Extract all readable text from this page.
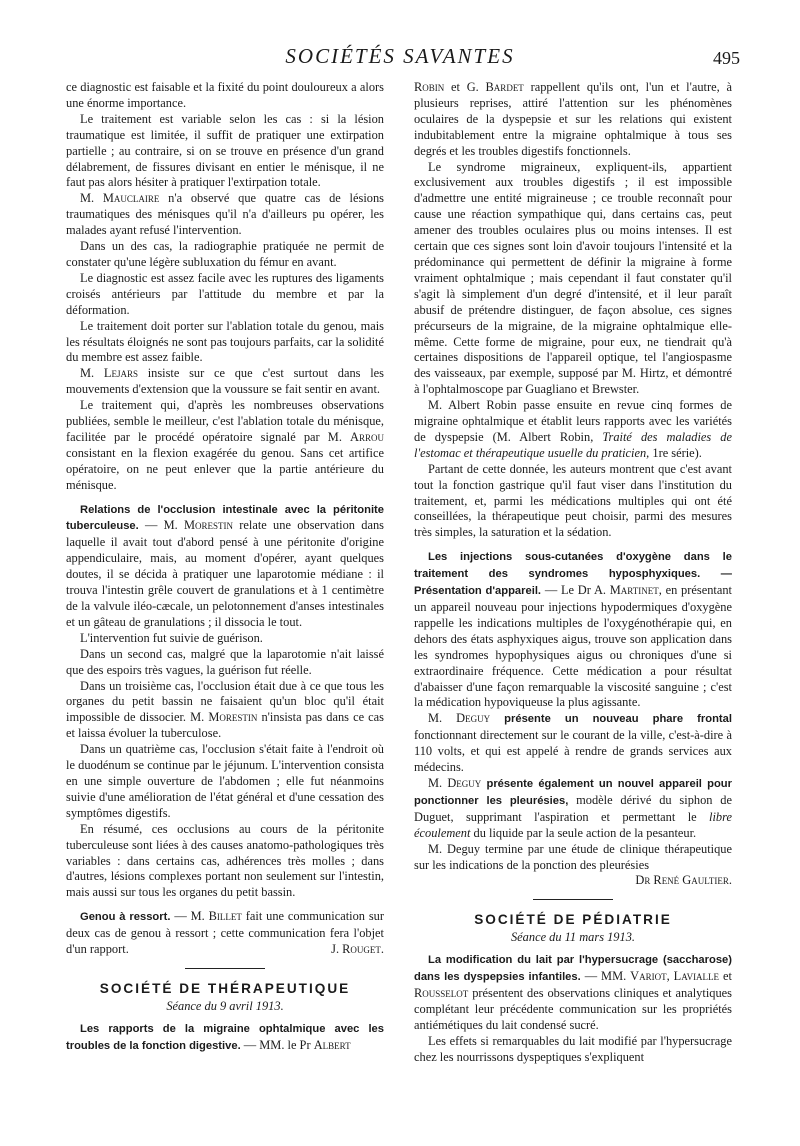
SOCIÉTÉS SAVANTES	495

ce diagnostic est faisable et la fixité du point douloureux a alors une énorme importance.

Le traitement est variable selon les cas : si la lésion traumatique est limitée, il suffit de pratiquer une extirpation partielle ; au contraire, si on se trouve en présence d'un grand délabrement, de fissures divisant en entier le ménisque, il ne faut pas alors hésiter à pratiquer l'extirpation totale.

M. Mauclaire n'a observé que quatre cas de lésions traumatiques des ménisques qu'il n'a d'ailleurs pu opérer, les malades ayant refusé l'intervention.

Dans un des cas, la radiographie pratiquée ne permit de constater qu'une légère subluxation du fémur en avant.

Le diagnostic est assez facile avec les ruptures des ligaments croisés antérieurs par l'attitude du membre et par la déformation.

Le traitement doit porter sur l'ablation totale du genou, mais les résultats éloignés ne sont pas toujours parfaits, car la solidité du membre est assez faible.

M. Lejars insiste sur ce que c'est surtout dans les mouvements d'extension que la voussure se fait sentir en avant.

Le traitement qui, d'après les nombreuses observations publiées, semble le meilleur, c'est l'ablation totale du ménisque, facilitée par le procédé opératoire signalé par M. Arrou consistant en la flexion exagérée du genou. Sans cet artifice opératoire, on ne peut enlever que la partie antérieure du ménisque.

Relations de l'occlusion intestinale avec la péritonite tuberculeuse. — M. Morestin relate une observation dans laquelle il avait tout d'abord pensé à une péritonite d'origine appendiculaire, mais, au moment d'opérer, ayant quelques doutes, il se décida à pratiquer une laparotomie médiane : il trouva l'intestin grêle couvert de granulations et à 1 centimètre de la valvule iléo-cæcale, un pelotonnement d'anses intestinales et un gâteau de granulations ; il dissocia le tout.

L'intervention fut suivie de guérison.

Dans un second cas, malgré que la laparotomie n'ait laissé que des espoirs très vagues, la guérison fut réelle.

Dans un troisième cas, l'occlusion était due à ce que tous les organes du petit bassin ne faisaient qu'un bloc qu'il était impossible de dissocier. M. Morestin n'insista pas dans ce cas et laissa évoluer la tuberculose.

Dans un quatrième cas, l'occlusion s'était faite à l'endroit où le duodénum se continue par le jéjunum. L'intervention consista en une simple ouverture de l'abdomen ; elle fut néanmoins suivie d'une amélioration de l'état général et d'une cessation des symptômes digestifs.

En résumé, ces occlusions au cours de la péritonite tuberculeuse sont liées à des causes anatomo-pathologiques très variables : dans certains cas, adhérences très molles ; dans d'autres, lésions complexes portant non seulement sur l'intestin, mais aussi sur tous les organes du petit bassin.

Genou à ressort. — M. Billet fait une communication sur deux cas de genou à ressort ; cette communication fera l'objet d'un rapport.	J. Rouget.

SOCIÉTÉ DE THÉRAPEUTIQUE
Séance du 9 avril 1913.

Les rapports de la migraine ophtalmique avec les troubles de la fonction digestive. — MM. le Pr Albert

Robin et G. Bardet rappellent qu'ils ont, l'un et l'autre, à plusieurs reprises, attiré l'attention sur les phénomènes oculaires de la dyspepsie et sur les relations qui existent indubitablement entre la migraine ophtalmique à tous ses degrés et les troubles digestifs fonctionnels.

Le syndrome migraineux, expliquent-ils, appartient exclusivement aux troubles digestifs ; il est impossible d'admettre une entité migraineuse ; ce trouble reconnaît pour cause une réaction sympathique qui, dans certains cas, peut amener des troubles oculaires plus ou moins intenses. Il est certain que ces signes sont loin d'avoir toujours l'intensité et la prédominance qui permettent de définir la migraine à forme vraiment ophtalmique ; mais cependant il faut constater qu'il s'agit là simplement d'un degré d'intensité, et il leur paraît abusif de prétendre distinguer, de façon absolue, ces signes précurseurs de la migraine, de la migraine ophtalmique elle-même. Cette forme de migraine, pour eux, ne tiendrait qu'à certaines dispositions de l'appareil optique, tel l'angiospasme des vaisseaux, par exemple, supposé par M. Hirtz, et démontré à l'ophtalmoscope par Guagliano et Brewster.

M. Albert Robin passe ensuite en revue cinq formes de migraine ophtalmique et établit leurs rapports avec les variétés de dyspepsie (M. Albert Robin, Traité des maladies de l'estomac et thérapeutique usuelle du praticien, 1re série).

Partant de cette donnée, les auteurs montrent que c'est avant tout la fonction gastrique qu'il faut viser dans l'institution du traitement, et, parmi les médications multiples qui ont été conseillées, la thérapeutique peut choisir, parmi des mesures très simples, la saturation et la sédation.

Les injections sous-cutanées d'oxygène dans le traitement des syndromes hyposphyxiques. — Présentation d'appareil. — Le Dr A. Martinet, en présentant un appareil nouveau pour injections hypodermiques d'oxygène rappelle les indications multiples de l'oxygénothérapie qui, en dehors des états asphyxiques aigus, trouve son application dans les syndromes hypophysiques aigus ou chroniques d'une si extraordinaire fréquence. Cette médication a pour résultat d'abaisser d'une façon remarquable la viscosité sanguine ; c'est la médication hypoviqueuse la plus agissante.

M. Deguy présente un nouveau phare frontal fonctionnant directement sur le courant de la ville, c'est-à-dire à 110 volts, et qui est appelé à rendre de grands services aux médecins.

M. Deguy présente également un nouvel appareil pour ponctionner les pleurésies, modèle dérivé du siphon de Duguet, supprimant l'aspiration et permettant le libre écoulement du liquide par la seule action de la pesanteur.

M. Deguy termine par une étude de clinique thérapeutique sur les indications de la ponction des pleurésies

Dr René Gaultier.

SOCIÉTÉ DE PÉDIATRIE
Séance du 11 mars 1913.

La modification du lait par l'hypersucrage (saccharose) dans les dyspepsies infantiles. — MM. Variot, Lavialle et Rousselot présentent des observations cliniques et analytiques complétant leur précédente communication sur les propriétés antiémétiques du lait condensé sucré.

Les effets si remarquables du lait modifié par l'hypersucrage chez les nourrissons dyspeptiques s'expliquent
